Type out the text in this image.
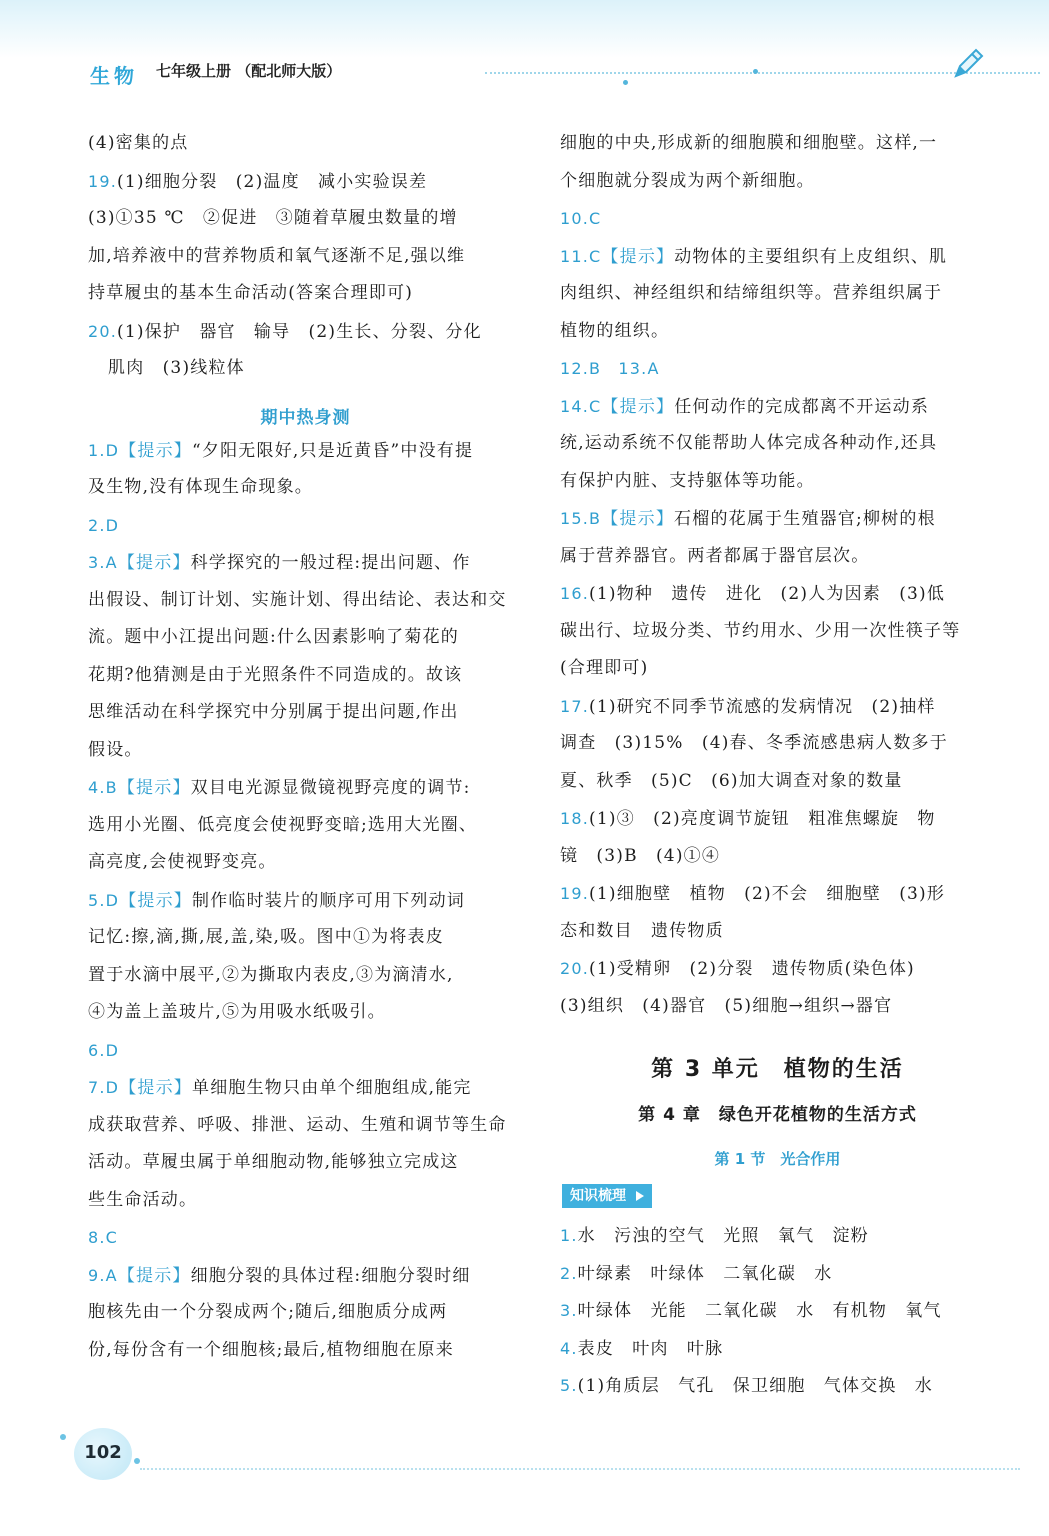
生物 七年级上册 （配北师大版）
(4)密集的点
19.(1)细胞分裂　(2)温度　减小实验误差
(3)①35 ℃　②促进　③随着草履虫数量的增
加,培养液中的营养物质和氧气逐渐不足,强以维
持草履虫的基本生命活动(答案合理即可)
20.(1)保护　器官　输导　(2)生长、分裂、分化
肌肉　(3)线粒体
期中热身测
1.D【提示】“夕阳无限好,只是近黄昏”中没有提
及生物,没有体现生命现象。
2.D
3.A【提示】科学探究的一般过程:提出问题、作
出假设、制订计划、实施计划、得出结论、表达和交
流。题中小江提出问题:什么因素影响了菊花的
花期?他猜测是由于光照条件不同造成的。故该
思维活动在科学探究中分别属于提出问题,作出
假设。
4.B【提示】双目电光源显微镜视野亮度的调节:
选用小光圈、低亮度会使视野变暗;选用大光圈、
高亮度,会使视野变亮。
5.D【提示】制作临时装片的顺序可用下列动词
记忆:擦,滴,撕,展,盖,染,吸。图中①为将表皮
置于水滴中展平,②为撕取内表皮,③为滴清水,
④为盖上盖玻片,⑤为用吸水纸吸引。
6.D
7.D【提示】单细胞生物只由单个细胞组成,能完
成获取营养、呼吸、排泄、运动、生殖和调节等生命
活动。草履虫属于单细胞动物,能够独立完成这
些生命活动。
8.C
9.A【提示】细胞分裂的具体过程:细胞分裂时细
胞核先由一个分裂成两个;随后,细胞质分成两
份,每份含有一个细胞核;最后,植物细胞在原来
细胞的中央,形成新的细胞膜和细胞壁。这样,一
个细胞就分裂成为两个新细胞。
10.C
11.C【提示】动物体的主要组织有上皮组织、肌
肉组织、神经组织和结缔组织等。营养组织属于
植物的组织。
12.B　13.A
14.C【提示】任何动作的完成都离不开运动系
统,运动系统不仅能帮助人体完成各种动作,还具
有保护内脏、支持躯体等功能。
15.B【提示】石榴的花属于生殖器官;柳树的根
属于营养器官。两者都属于器官层次。
16.(1)物种　遗传　进化　(2)人为因素　(3)低
碳出行、垃圾分类、节约用水、少用一次性筷子等
(合理即可)
17.(1)研究不同季节流感的发病情况　(2)抽样
调查　(3)15%　(4)春、冬季流感患病人数多于
夏、秋季　(5)C　(6)加大调查对象的数量
18.(1)③　(2)亮度调节旋钮　粗准焦螺旋　物
镜　(3)B　(4)①④
19.(1)细胞壁　植物　(2)不会　细胞壁　(3)形
态和数目　遗传物质
20.(1)受精卵　(2)分裂　遗传物质(染色体)
(3)组织　(4)器官　(5)细胞→组织→器官
第 3 单元　植物的生活
第 4 章　绿色开花植物的生活方式
第 1 节　光合作用
知识梳理
1.水　污浊的空气　光照　氧气　淀粉
2.叶绿素　叶绿体　二氧化碳　水
3.叶绿体　光能　二氧化碳　水　有机物　氧气
4.表皮　叶肉　叶脉
5.(1)角质层　气孔　保卫细胞　气体交换　水
102
